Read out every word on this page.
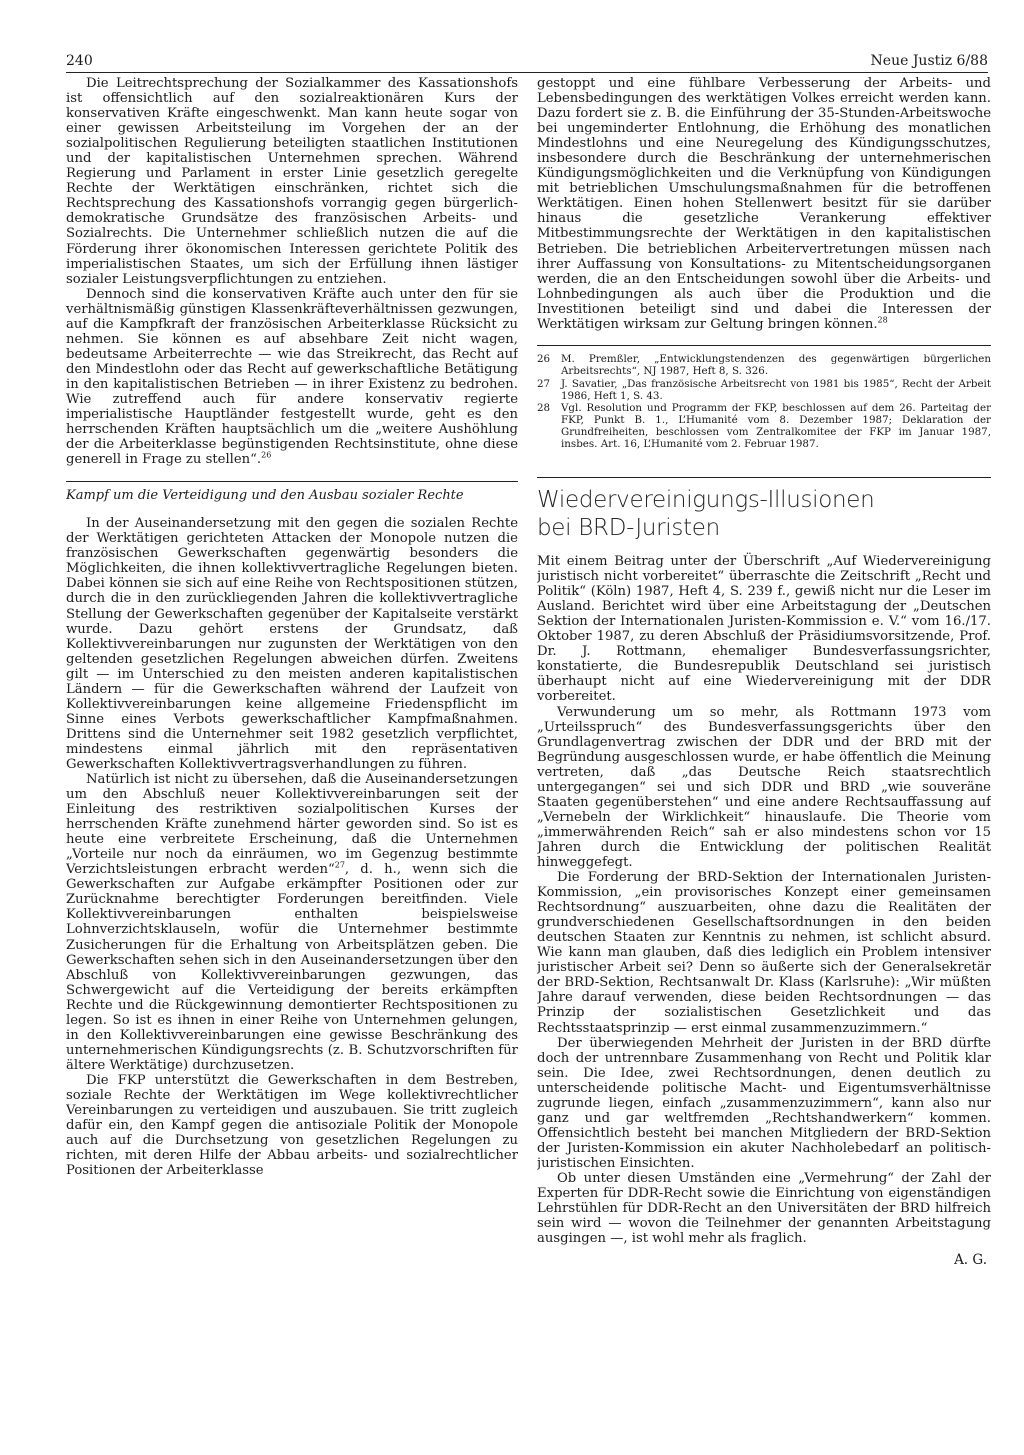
240	Neue Justiz 6/88

Die Leitrechtsprechung der Sozialkammer des Kassationshofs ist offensichtlich auf den sozialreaktionären Kurs der konservativen Kräfte eingeschwenkt. Man kann heute sogar von einer gewissen Arbeitsteilung im Vorgehen der an der sozialpolitischen Regulierung beteiligten staatlichen Institutionen und der kapitalistischen Unternehmen sprechen. Während Regierung und Parlament in erster Linie gesetzlich geregelte Rechte der Werktätigen einschränken, richtet sich die Rechtsprechung des Kassationshofs vorrangig gegen bürgerlich-demokratische Grundsätze des französischen Arbeits- und Sozialrechts. Die Unternehmer schließlich nutzen die auf die Förderung ihrer ökonomischen Interessen gerichtete Politik des imperialistischen Staates, um sich der Erfüllung ihnen lästiger sozialer Leistungsverpflichtungen zu entziehen.

Dennoch sind die konservativen Kräfte auch unter den für sie verhältnismäßig günstigen Klassenkräfteverhältnissen gezwungen, auf die Kampfkraft der französischen Arbeiterklasse Rücksicht zu nehmen. Sie können es auf absehbare Zeit nicht wagen, bedeutsame Arbeiterrechte — wie das Streikrecht, das Recht auf den Mindestlohn oder das Recht auf gewerkschaftliche Betätigung in den kapitalistischen Betrieben — in ihrer Existenz zu bedrohen. Wie zutreffend auch für andere konservativ regierte imperialistische Hauptländer festgestellt wurde, geht es den herrschenden Kräften hauptsächlich um die „weitere Aushöhlung der die Arbeiterklasse begünstigenden Rechtsinstitute, ohne diese generell in Frage zu stellen“.$^{26}$

Kampf um die Verteidigung und den Ausbau sozialer Rechte

In der Auseinandersetzung mit den gegen die sozialen Rechte der Werktätigen gerichteten Attacken der Monopole nutzen die französischen Gewerkschaften gegenwärtig besonders die Möglichkeiten, die ihnen kollektivvertragliche Regelungen bieten. Dabei können sie sich auf eine Reihe von Rechtspositionen stützen, durch die in den zurückliegenden Jahren die kollektivvertragliche Stellung der Gewerkschaften gegenüber der Kapitalseite verstärkt wurde. Dazu gehört erstens der Grundsatz, daß Kollektivvereinbarungen nur zugunsten der Werktätigen von den geltenden gesetzlichen Regelungen abweichen dürfen. Zweitens gilt — im Unterschied zu den meisten anderen kapitalistischen Ländern — für die Gewerkschaften während der Laufzeit von Kollektivvereinbarungen keine allgemeine Friedenspflicht im Sinne eines Verbots gewerkschaftlicher Kampfmaßnahmen. Drittens sind die Unternehmer seit 1982 gesetzlich verpflichtet, mindestens einmal jährlich mit den repräsentativen Gewerkschaften Kollektivvertragsverhandlungen zu führen.

Natürlich ist nicht zu übersehen, daß die Auseinandersetzungen um den Abschluß neuer Kollektivvereinbarungen seit der Einleitung des restriktiven sozialpolitischen Kurses der herrschenden Kräfte zunehmend härter geworden sind. So ist es heute eine verbreitete Erscheinung, daß die Unternehmen „Vorteile nur noch da einräumen, wo im Gegenzug bestimmte Verzichtsleistungen erbracht werden“$^{27}$, d. h., wenn sich die Gewerkschaften zur Aufgabe erkämpfter Positionen oder zur Zurücknahme berechtigter Forderungen bereitfinden. Viele Kollektivvereinbarungen enthalten beispielsweise Lohnverzichtsklauseln, wofür die Unternehmer bestimmte Zusicherungen für die Erhaltung von Arbeitsplätzen geben. Die Gewerkschaften sehen sich in den Auseinandersetzungen über den Abschluß von Kollektivvereinbarungen gezwungen, das Schwergewicht auf die Verteidigung der bereits erkämpften Rechte und die Rückgewinnung demontierter Rechtspositionen zu legen. So ist es ihnen in einer Reihe von Unternehmen gelungen, in den Kollektivvereinbarungen eine gewisse Beschränkung des unternehmerischen Kündigungsrechts (z. B. Schutzvorschriften für ältere Werktätige) durchzusetzen.

Die FKP unterstützt die Gewerkschaften in dem Bestreben, soziale Rechte der Werktätigen im Wege kollektivrechtlicher Vereinbarungen zu verteidigen und auszubauen. Sie tritt zugleich dafür ein, den Kampf gegen die antisoziale Politik der Monopole auch auf die Durchsetzung von gesetzlichen Regelungen zu richten, mit deren Hilfe der Abbau arbeits- und sozialrechtlicher Positionen der Arbeiterklasse

gestoppt und eine fühlbare Verbesserung der Arbeits- und Lebensbedingungen des werktätigen Volkes erreicht werden kann. Dazu fordert sie z. B. die Einführung der 35-Stunden-Arbeitswoche bei ungeminderter Entlohnung, die Erhöhung des monatlichen Mindestlohns und eine Neuregelung des Kündigungsschutzes, insbesondere durch die Beschränkung der unternehmerischen Kündigungsmöglichkeiten und die Verknüpfung von Kündigungen mit betrieblichen Umschulungsmaßnahmen für die betroffenen Werktätigen. Einen hohen Stellenwert besitzt für sie darüber hinaus die gesetzliche Verankerung effektiver Mitbestimmungsrechte der Werktätigen in den kapitalistischen Betrieben. Die betrieblichen Arbeitervertretungen müssen nach ihrer Auffassung von Konsultations- zu Mitentscheidungsorganen werden, die an den Entscheidungen sowohl über die Arbeits- und Lohnbedingungen als auch über die Produktion und die Investitionen beteiligt sind und dabei die Interessen der Werktätigen wirksam zur Geltung bringen können.$^{28}$

26	M. Premßler, „Entwicklungstendenzen des gegenwärtigen bürgerlichen Arbeitsrechts“, NJ 1987, Heft 8, S. 326.
27	J. Savatier, „Das französische Arbeitsrecht von 1981 bis 1985“, Recht der Arbeit 1986, Heft 1, S. 43.
28	Vgl. Resolution und Programm der FKP, beschlossen auf dem 26. Parteitag der FKP, Punkt B. 1., L’Humanité vom 8. Dezember 1987; Deklaration der Grundfreiheiten, beschlossen vom Zentralkomitee der FKP im Januar 1987, insbes. Art. 16, L’Humanité vom 2. Februar 1987.
Wiedervereinigungs-Illusionen
bei BRD-Juristen

Mit einem Beitrag unter der Überschrift „Auf Wiedervereinigung juristisch nicht vorbereitet“ überraschte die Zeitschrift „Recht und Politik“ (Köln) 1987, Heft 4, S. 239 f., gewiß nicht nur die Leser im Ausland. Berichtet wird über eine Arbeitstagung der „Deutschen Sektion der Internationalen Juristen-Kommission e. V.“ vom 16./17. Oktober 1987, zu deren Abschluß der Präsidiumsvorsitzende, Prof. Dr. J. Rottmann, ehemaliger Bundesverfassungsrichter, konstatierte, die Bundesrepublik Deutschland sei juristisch überhaupt nicht auf eine Wiedervereinigung mit der DDR vorbereitet.

Verwunderung um so mehr, als Rottmann 1973 vom „Urteilsspruch“ des Bundesverfassungsgerichts über den Grundlagenvertrag zwischen der DDR und der BRD mit der Begründung ausgeschlossen wurde, er habe öffentlich die Meinung vertreten, daß „das Deutsche Reich staatsrechtlich untergegangen“ sei und sich DDR und BRD „wie souveräne Staaten gegenüberstehen“ und eine andere Rechtsauffassung auf „Vernebeln der Wirklichkeit“ hinauslaufe. Die Theorie vom „immerwährenden Reich“ sah er also mindestens schon vor 15 Jahren durch die Entwicklung der politischen Realität hinweggefegt.

Die Forderung der BRD-Sektion der Internationalen Juristen-Kommission, „ein provisorisches Konzept einer gemeinsamen Rechtsordnung“ auszuarbeiten, ohne dazu die Realitäten der grundverschiedenen Gesellschaftsordnungen in den beiden deutschen Staaten zur Kenntnis zu nehmen, ist schlicht absurd. Wie kann man glauben, daß dies lediglich ein Problem intensiver juristischer Arbeit sei? Denn so äußerte sich der Generalsekretär der BRD-Sektion, Rechtsanwalt Dr. Klass (Karlsruhe): „Wir müßten Jahre darauf verwenden, diese beiden Rechtsordnungen — das Prinzip der sozialistischen Gesetzlichkeit und das Rechtsstaatsprinzip — erst einmal zusammenzuzimmern.“

Der überwiegenden Mehrheit der Juristen in der BRD dürfte doch der untrennbare Zusammenhang von Recht und Politik klar sein. Die Idee, zwei Rechtsordnungen, denen deutlich zu unterscheidende politische Macht- und Eigentumsverhältnisse zugrunde liegen, einfach „zusammenzuzimmern“, kann also nur ganz und gar weltfremden „Rechtshandwerkern“ kommen. Offensichtlich besteht bei manchen Mitgliedern der BRD-Sektion der Juristen-Kommission ein akuter Nachholebedarf an politisch-juristischen Einsichten.

Ob unter diesen Umständen eine „Vermehrung“ der Zahl der Experten für DDR-Recht sowie die Einrichtung von eigenständigen Lehrstühlen für DDR-Recht an den Universitäten der BRD hilfreich sein wird — wovon die Teilnehmer der genannten Arbeitstagung ausgingen —, ist wohl mehr als fraglich.

A. G.
